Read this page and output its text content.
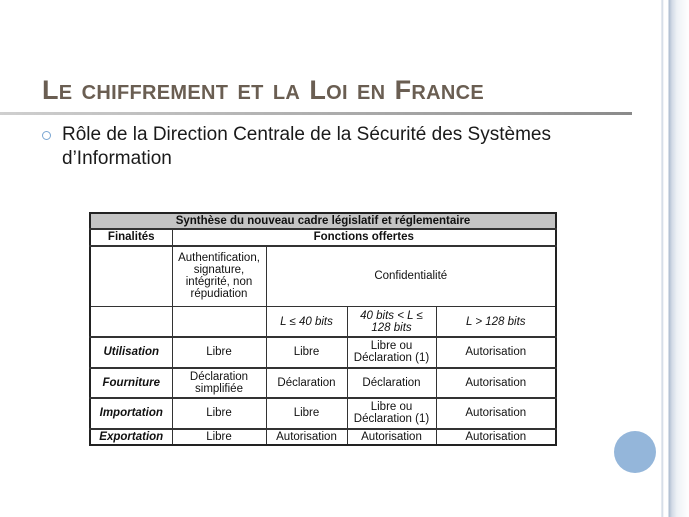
LE CHIFFREMENT ET LA LOI EN FRANCE
Rôle de la Direction Centrale de la Sécurité des Systèmes d’Information
Synthèse du nouveau cadre législatif et réglementaire				
Finalités	Fonctions offertes			
	Authentification, signature, intégrité, non répudiation	Confidentialité		
		L ≤ 40 bits	40 bits < L ≤ 128 bits	L > 128 bits
Utilisation	Libre	Libre	Libre ou Déclaration (1)	Autorisation
Fourniture	Déclaration simplifiée	Déclaration	Déclaration	Autorisation
Importation	Libre	Libre	Libre ou Déclaration (1)	Autorisation
Exportation	Libre	Autorisation	Autorisation	Autorisation
